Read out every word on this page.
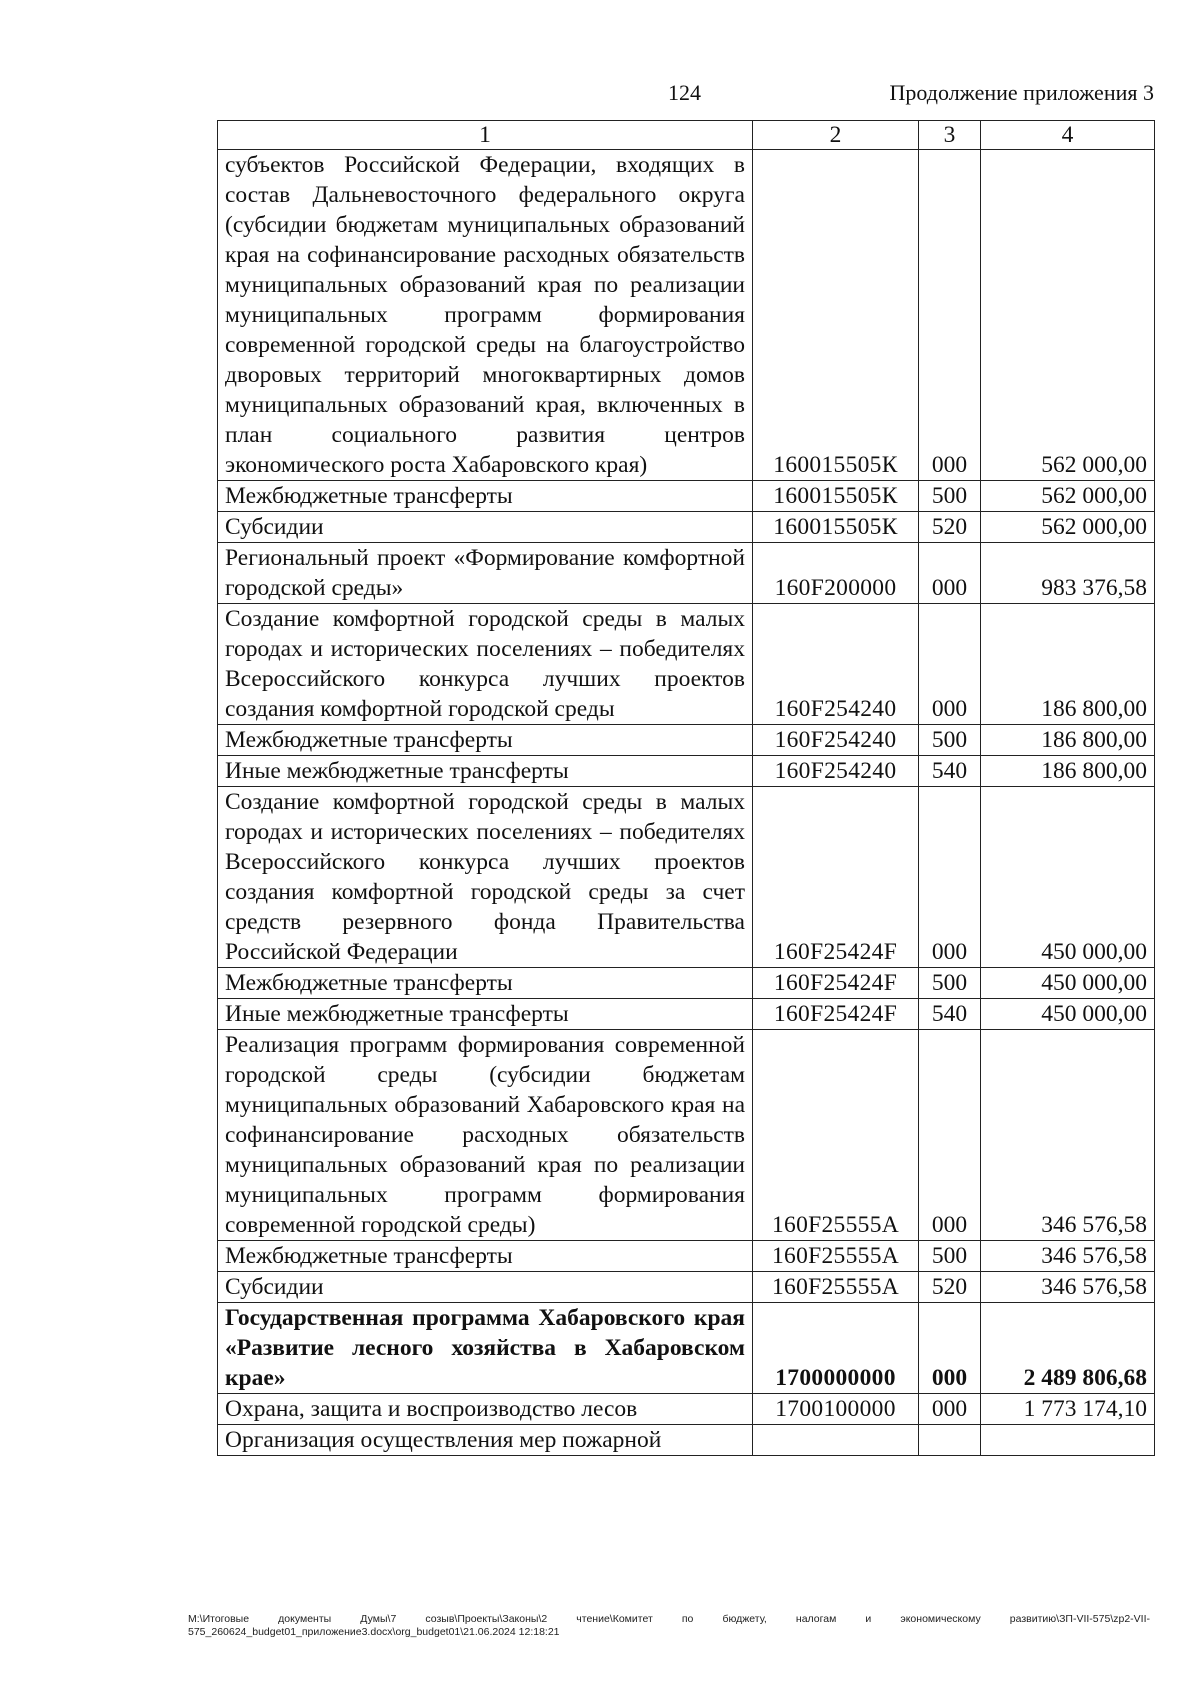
124	Продолжение приложения 3
1	2	3	4
субъектов Российской Федерации, входящих в состав Дальневосточного федерального округа (субсидии бюджетам муниципальных образований края на софинансирование расходных обязательств муниципальных образований края по реализации муниципальных программ формирования современной городской среды на благоустройство дворовых территорий многоквартирных домов муниципальных образований края, включенных в план социального развития центров экономического роста Хабаровского края)	160015505К	000	562 000,00
Межбюджетные трансферты	160015505К	500	562 000,00
Субсидии	160015505К	520	562 000,00
Региональный проект «Формирование комфортной городской среды»	160F200000	000	983 376,58
Создание комфортной городской среды в малых городах и исторических поселениях – победителях Всероссийского конкурса лучших проектов создания комфортной городской среды	160F254240	000	186 800,00
Межбюджетные трансферты	160F254240	500	186 800,00
Иные межбюджетные трансферты	160F254240	540	186 800,00
Создание комфортной городской среды в малых городах и исторических поселениях – победителях Всероссийского конкурса лучших проектов создания комфортной городской среды за счет средств резервного фонда Правительства Российской Федерации	160F25424F	000	450 000,00
Межбюджетные трансферты	160F25424F	500	450 000,00
Иные межбюджетные трансферты	160F25424F	540	450 000,00
Реализация программ формирования современной городской среды (субсидии бюджетам муниципальных образований Хабаровского края на софинансирование расходных обязательств муниципальных образований края по реализации муниципальных программ формирования современной городской среды)	160F25555А	000	346 576,58
Межбюджетные трансферты	160F25555А	500	346 576,58
Субсидии	160F25555А	520	346 576,58
Государственная программа Хабаровского края «Развитие лесного хозяйства в Хабаровском крае»	1700000000	000	2 489 806,68
Охрана, защита и воспроизводство лесов	1700100000	000	1 773 174,10
Организация осуществления мер пожарной			
М:\Итоговые документы Думы\7 созыв\Проекты\Законы\2 чтение\Комитет по бюджету, налогам и экономическому развитию\ЗП-VII-575\zp2-VII-575_260624_budget01_приложение3.docx\org_budget01\21.06.2024 12:18:21
